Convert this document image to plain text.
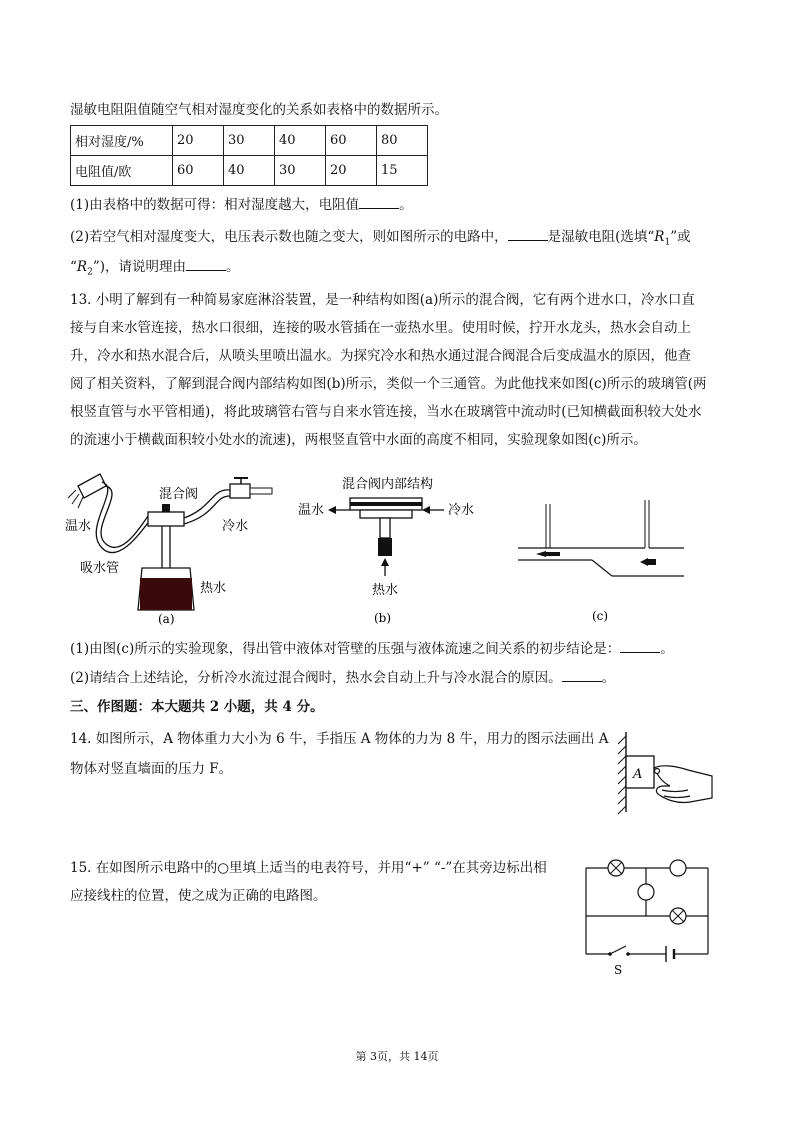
湿敏电阻阻值随空气相对湿度变化的关系如表格中的数据所示。
相对湿度/%	20	30	40	60	80
电阻值/欧	60	40	30	20	15
(1)由表格中的数据可得：相对湿度越大，电阻值	。
(2)若空气相对湿度变大，电压表示数也随之变大，则如图所示的电路中，	是湿敏电阻(选填“$R_1$”或
“$R_2$”)，请说明理由	。
13. 小明了解到有一种简易家庭淋浴装置，是一种结构如图(a)所示的混合阀，它有两个进水口，冷水口直
接与自来水管连接，热水口很细，连接的吸水管插在一壶热水里。使用时候，拧开水龙头，热水会自动上
升，冷水和热水混合后，从喷头里喷出温水。为探究冷水和热水通过混合阀混合后变成温水的原因，他查
阅了相关资料，了解到混合阀内部结构如图(b)所示，类似一个三通管。为此他找来如图(c)所示的玻璃管(两
根竖直管与水平管相通)，将此玻璃管右管与自来水管连接，当水在玻璃管中流动时(已知横截面积较大处水
的流速小于横截面积较小处水的流速)，两根竖直管中水面的高度不相同，实验现象如图(c)所示。
混合阀
温水	冷水
吸水管
热水
(a)
混合阀内部结构
温水	冷水
热水
(b)	(c)
(1)由图(c)所示的实验现象，得出管中液体对管壁的压强与液体流速之间关系的初步结论是：	。
(2)请结合上述结论，分析冷水流过混合阀时，热水会自动上升与冷水混合的原因。	。
三、作图题：本大题共 2 小题，共 4 分。
14. 如图所示，A 物体重力大小为 6 牛，手指压 A 物体的力为 8 牛，用力的图示法画出 A
物体对竖直墙面的压力 F。	A
15. 在如图所示电路中的○里填上适当的电表符号，并用“+” “-”在其旁边标出相
应接线柱的位置，使之成为正确的电路图。
S
第 3页，共 14页
